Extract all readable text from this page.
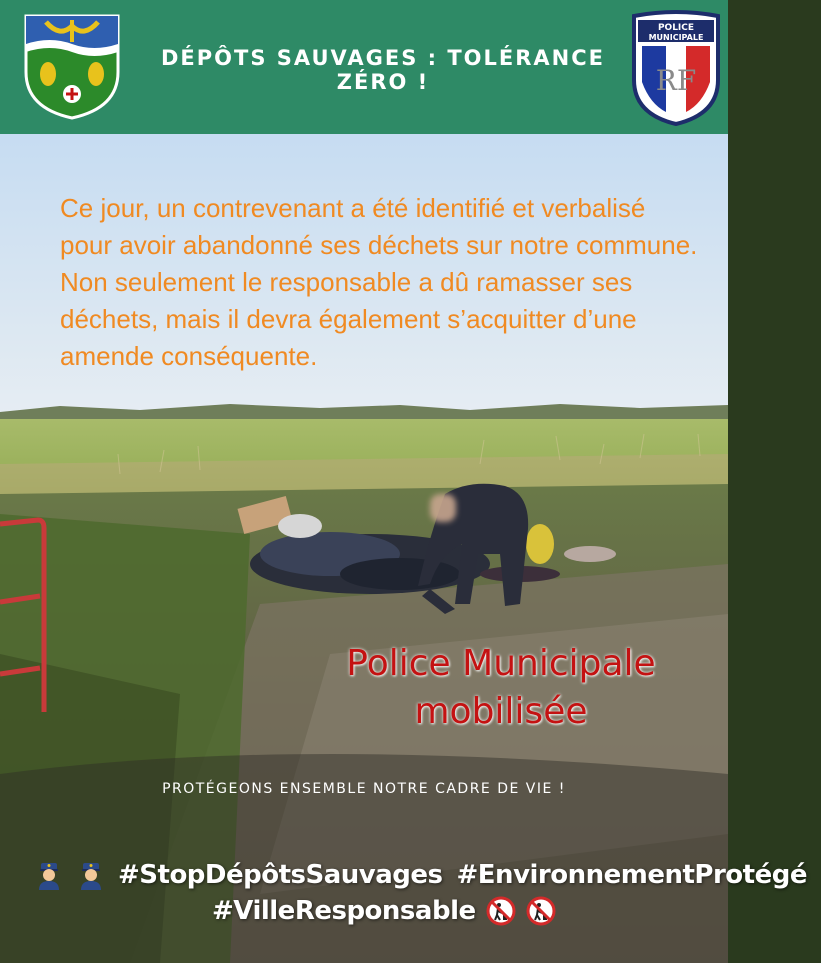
DÉPÔTS SAUVAGES : TOLÉRANCE ZÉRO !
POLICE
MUNICIPALE
RF

Ce jour, un contrevenant a été identifié et verbalisé pour avoir abandonné ses déchets sur notre commune.

Non seulement le responsable a dû ramasser ses déchets, mais il devra également s’acquitter d’une amende conséquente.

Police Municipale
mobilisée
PROTÉGEONS ENSEMBLE NOTRE CADRE DE VIE !
#StopDépôtsSauvages #EnvironnementProtégé
#VilleResponsable
